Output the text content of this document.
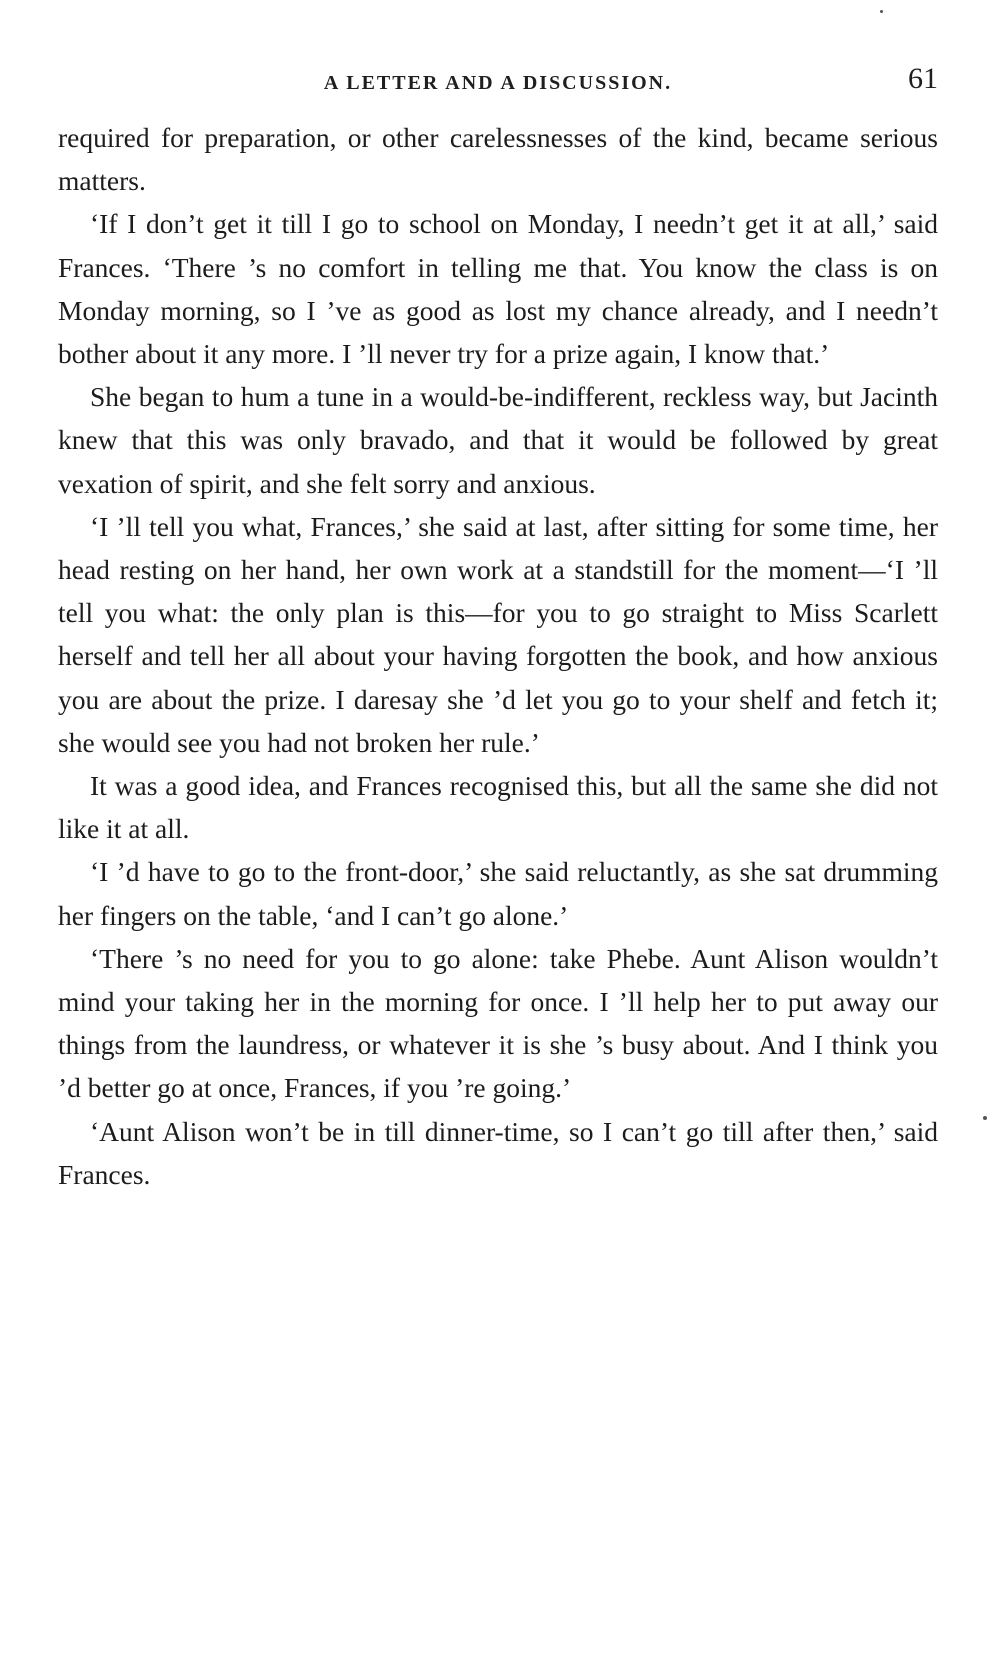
A LETTER AND A DISCUSSION.	61

required for preparation, or other carelessnesses of the kind, became serious matters.

‘If I don’t get it till I go to school on Monday, I needn’t get it at all,’ said Frances. ‘There ’s no comfort in telling me that. You know the class is on Monday morning, so I ’ve as good as lost my chance already, and I needn’t bother about it any more. I ’ll never try for a prize again, I know that.’

She began to hum a tune in a would-be-indifferent, reckless way, but Jacinth knew that this was only bravado, and that it would be followed by great vexation of spirit, and she felt sorry and anxious.

‘I ’ll tell you what, Frances,’ she said at last, after sitting for some time, her head resting on her hand, her own work at a standstill for the moment—‘I ’ll tell you what: the only plan is this—for you to go straight to Miss Scarlett herself and tell her all about your having forgotten the book, and how anxious you are about the prize. I daresay she ’d let you go to your shelf and fetch it; she would see you had not broken her rule.’

It was a good idea, and Frances recognised this, but all the same she did not like it at all.

‘I ’d have to go to the front-door,’ she said reluctantly, as she sat drumming her fingers on the table, ‘and I can’t go alone.’

‘There ’s no need for you to go alone: take Phebe. Aunt Alison wouldn’t mind your taking her in the morning for once. I ’ll help her to put away our things from the laundress, or whatever it is she ’s busy about. And I think you ’d better go at once, Frances, if you ’re going.’

‘Aunt Alison won’t be in till dinner-time, so I can’t go till after then,’ said Frances.
